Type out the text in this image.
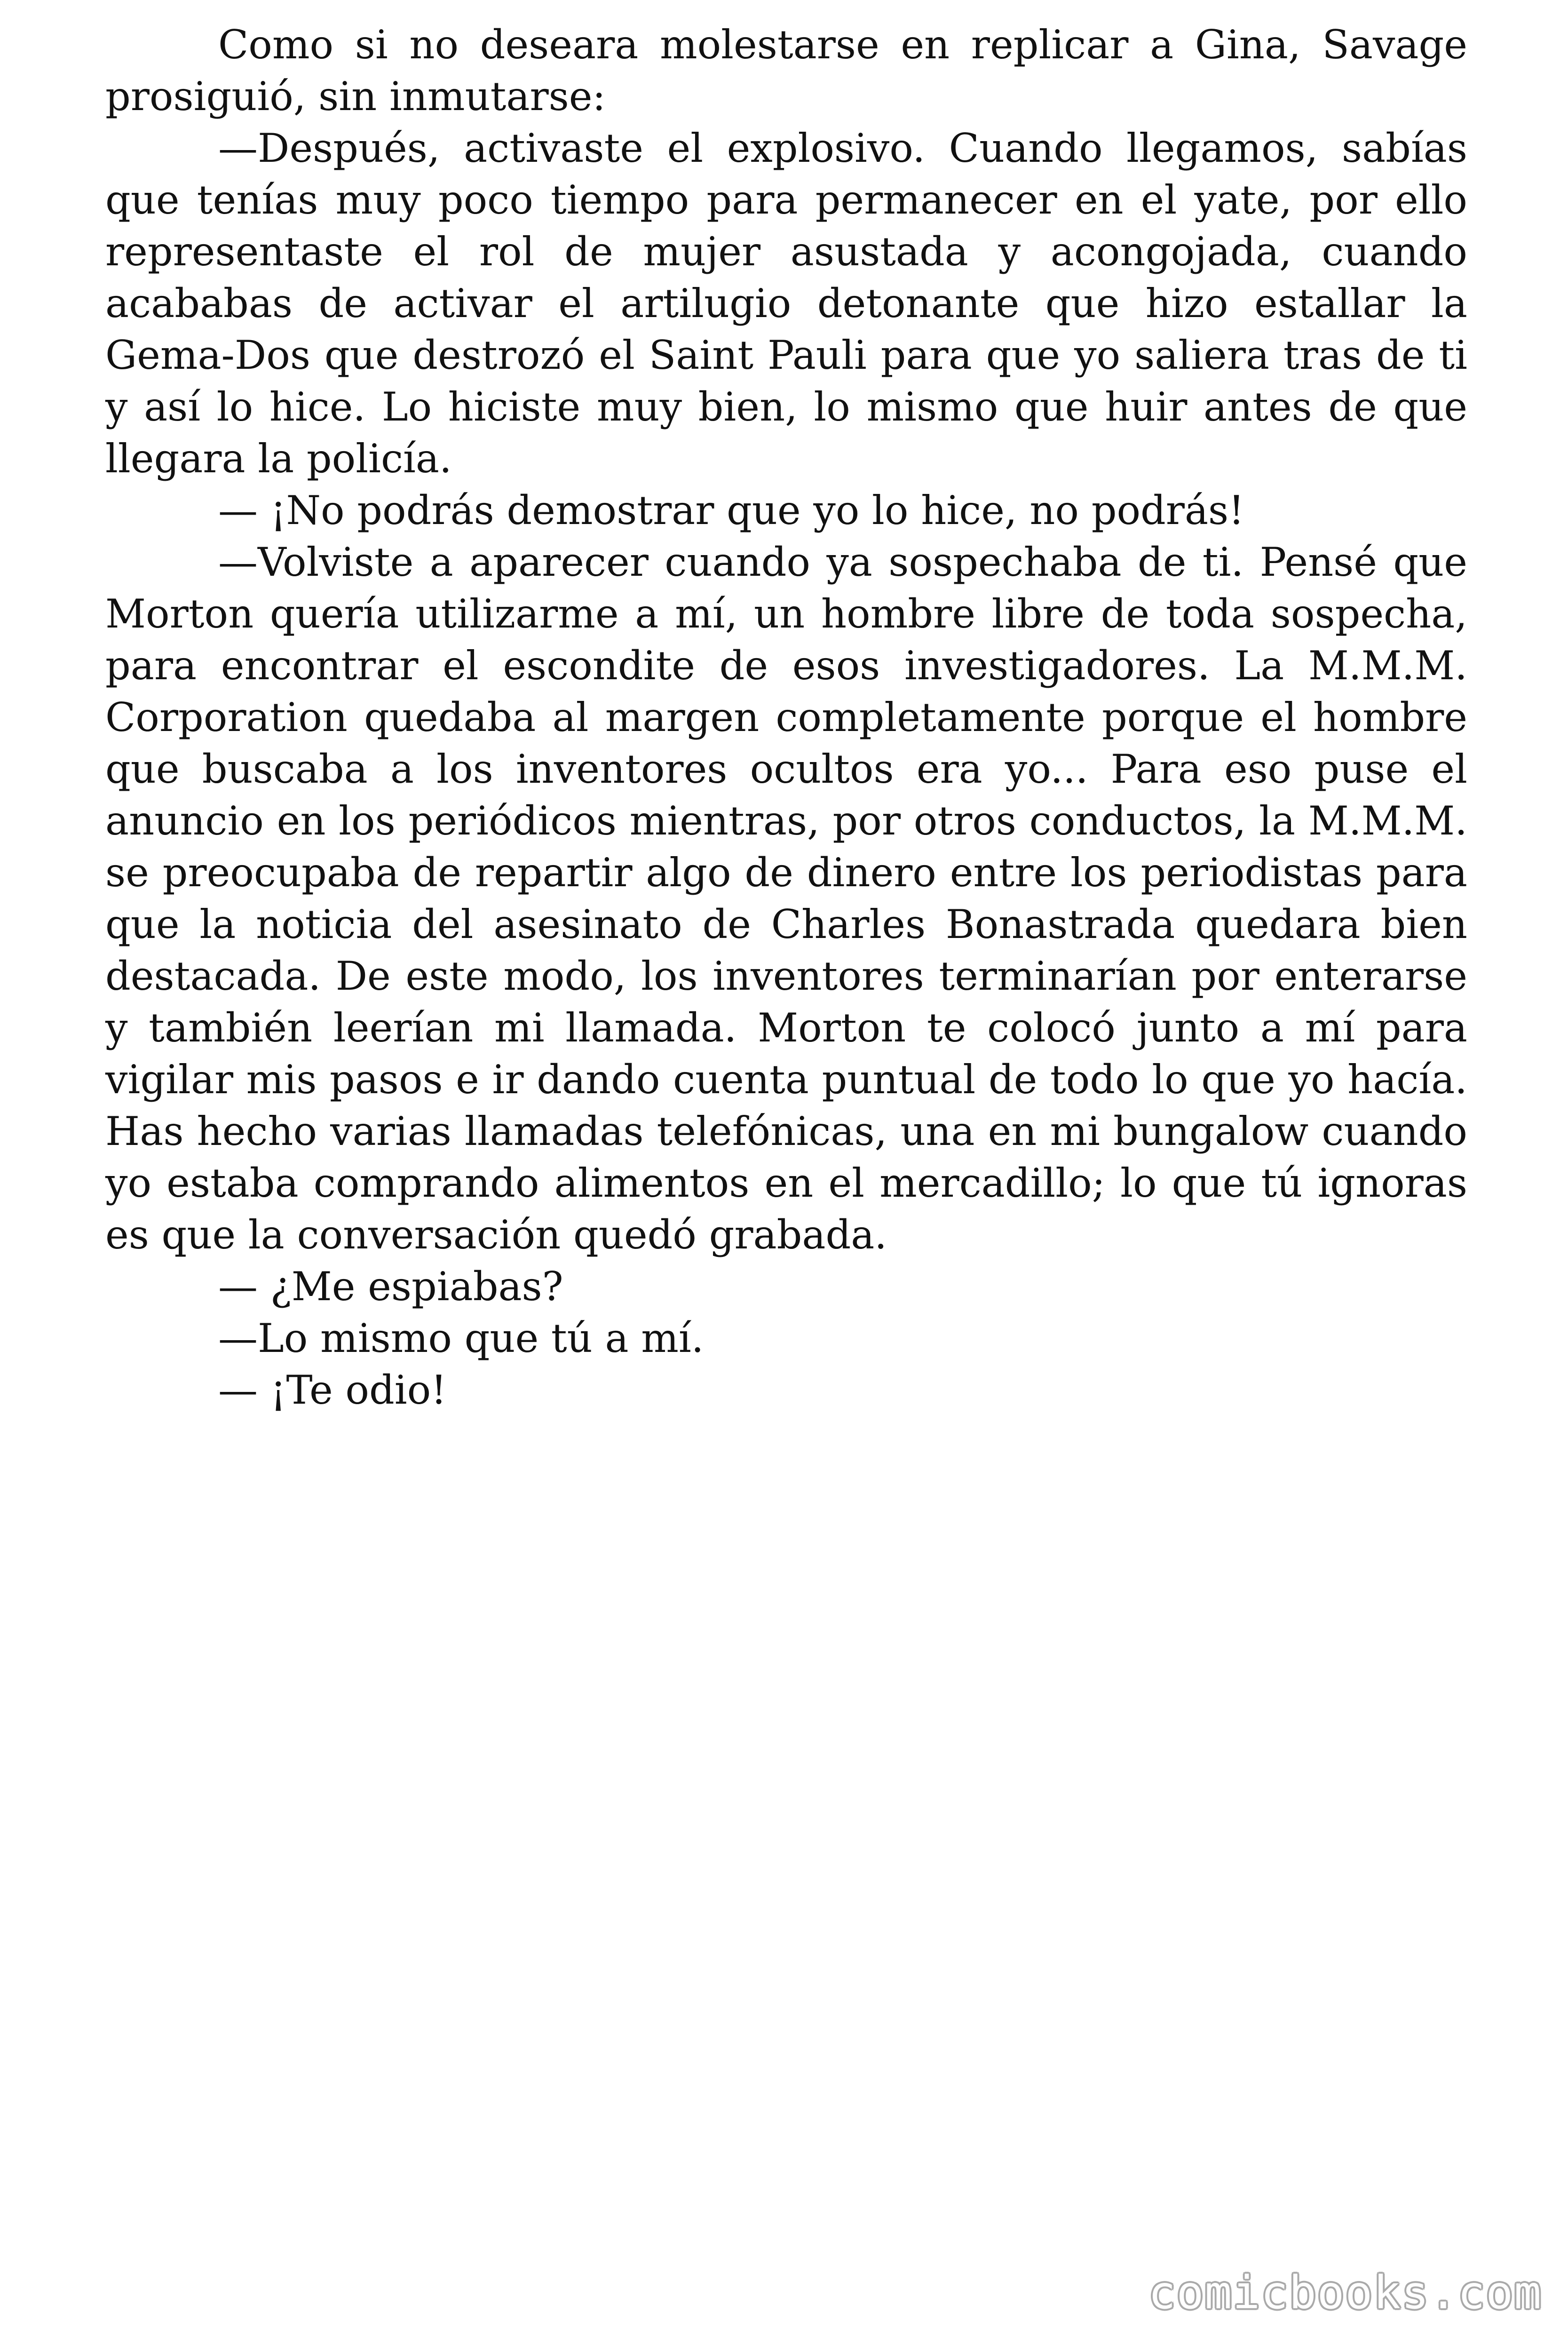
Como si no deseara molestarse en replicar a Gina, Savage prosiguió, sin inmutarse:

—Después, activaste el explosivo. Cuando llegamos, sabías que tenías muy poco tiempo para permanecer en el yate, por ello representaste el rol de mujer asustada y acongojada, cuando acababas de activar el artilugio detonante que hizo estallar la Gema-Dos que destrozó el Saint Pauli para que yo saliera tras de ti y así lo hice. Lo hiciste muy bien, lo mismo que huir antes de que llegara la policía.

— ¡No podrás demostrar que yo lo hice, no podrás!

—Volviste a aparecer cuando ya sospechaba de ti. Pensé que Morton quería utilizarme a mí, un hombre libre de toda sospecha, para encontrar el escondite de esos investigadores. La M.M.M. Corporation quedaba al margen completamente porque el hombre que buscaba a los inventores ocultos era yo... Para eso puse el anuncio en los periódicos mientras, por otros conductos, la M.M.M. se preocupaba de repartir algo de dinero entre los periodistas para que la noticia del asesinato de Charles Bonastrada quedara bien destacada. De este modo, los inventores terminarían por enterarse y también leerían mi llamada. Morton te colocó junto a mí para vigilar mis pasos e ir dando cuenta puntual de todo lo que yo hacía. Has hecho varias llamadas telefónicas, una en mi bungalow cuando yo estaba comprando alimentos en el mercadillo; lo que tú ignoras es que la conversación quedó grabada.

— ¿Me espiabas?

—Lo mismo que tú a mí.

— ¡Te odio!

comicbooks.com
